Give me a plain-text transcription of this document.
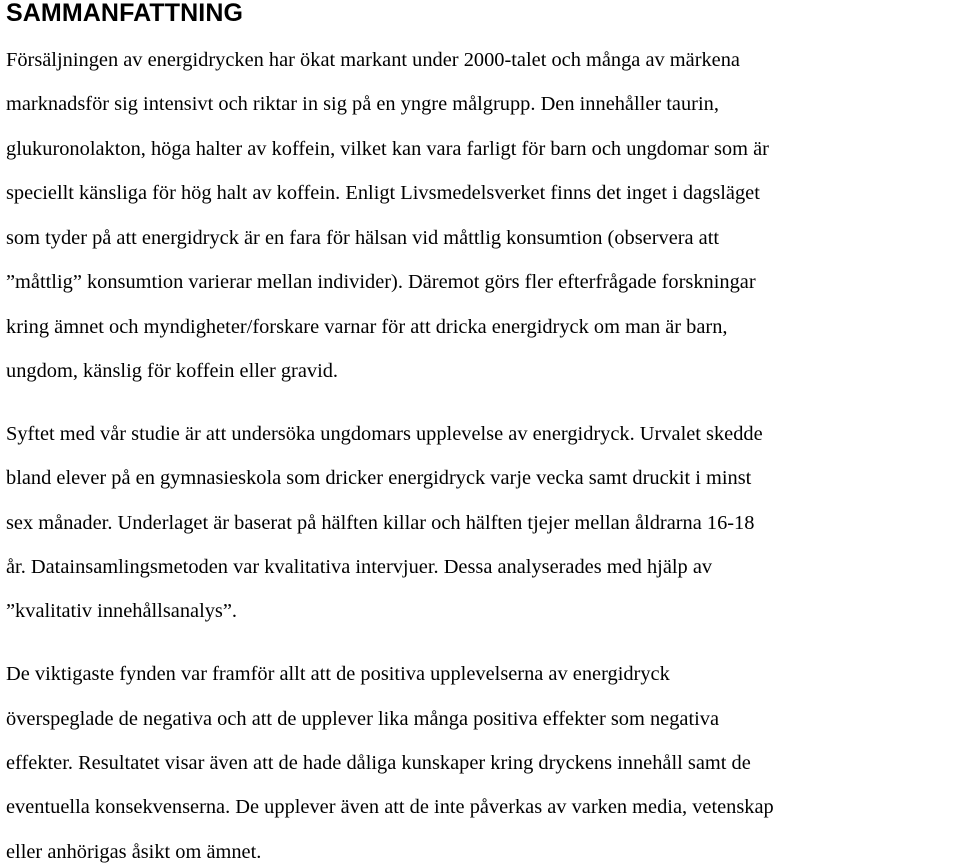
SAMMANFATTNING
Försäljningen av energidrycken har ökat markant under 2000-talet och många av märkena
marknadsför sig intensivt och riktar in sig på en yngre målgrupp. Den innehåller taurin,
glukuronolakton, höga halter av koffein, vilket kan vara farligt för barn och ungdomar som är
speciellt känsliga för hög halt av koffein. Enligt Livsmedelsverket finns det inget i dagsläget
som tyder på att energidryck är en fara för hälsan vid måttlig konsumtion (observera att
”måttlig” konsumtion varierar mellan individer). Däremot görs fler efterfrågade forskningar
kring ämnet och myndigheter/forskare varnar för att dricka energidryck om man är barn,
ungdom, känslig för koffein eller gravid.
Syftet med vår studie är att undersöka ungdomars upplevelse av energidryck. Urvalet skedde
bland elever på en gymnasieskola som dricker energidryck varje vecka samt druckit i minst
sex månader. Underlaget är baserat på hälften killar och hälften tjejer mellan åldrarna 16-18
år. Datainsamlingsmetoden var kvalitativa intervjuer. Dessa analyserades med hjälp av
”kvalitativ innehållsanalys”.
De viktigaste fynden var framför allt att de positiva upplevelserna av energidryck
överspeglade de negativa och att de upplever lika många positiva effekter som negativa
effekter. Resultatet visar även att de hade dåliga kunskaper kring dryckens innehåll samt de
eventuella konsekvenserna. De upplever även att de inte påverkas av varken media, vetenskap
eller anhörigas åsikt om ämnet.
